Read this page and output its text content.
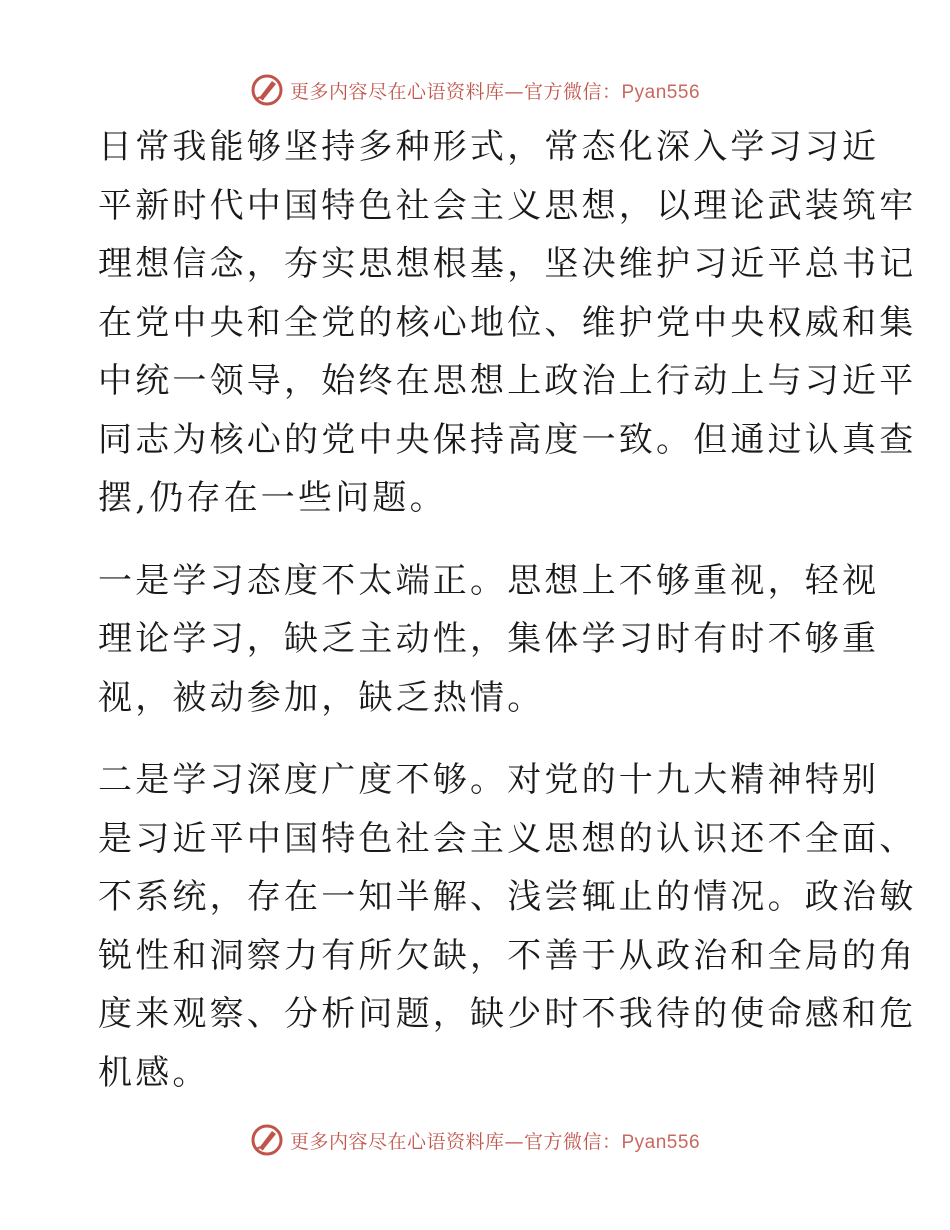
更多内容尽在心语资料库—官方微信：Pyan556

日常我能够坚持多种形式，常态化深入学习习近
平新时代中国特色社会主义思想，以理论武装筑牢
理想信念，夯实思想根基，坚决维护习近平总书记
在党中央和全党的核心地位、维护党中央权威和集
中统一领导，始终在思想上政治上行动上与习近平
同志为核心的党中央保持高度一致。但通过认真查
摆,仍存在一些问题。

一是学习态度不太端正。思想上不够重视，轻视
理论学习，缺乏主动性，集体学习时有时不够重
视，被动参加，缺乏热情。

二是学习深度广度不够。对党的十九大精神特别
是习近平中国特色社会主义思想的认识还不全面、
不系统，存在一知半解、浅尝辄止的情况。政治敏
锐性和洞察力有所欠缺，不善于从政治和全局的角
度来观察、分析问题，缺少时不我待的使命感和危
机感。

更多内容尽在心语资料库—官方微信：Pyan556
